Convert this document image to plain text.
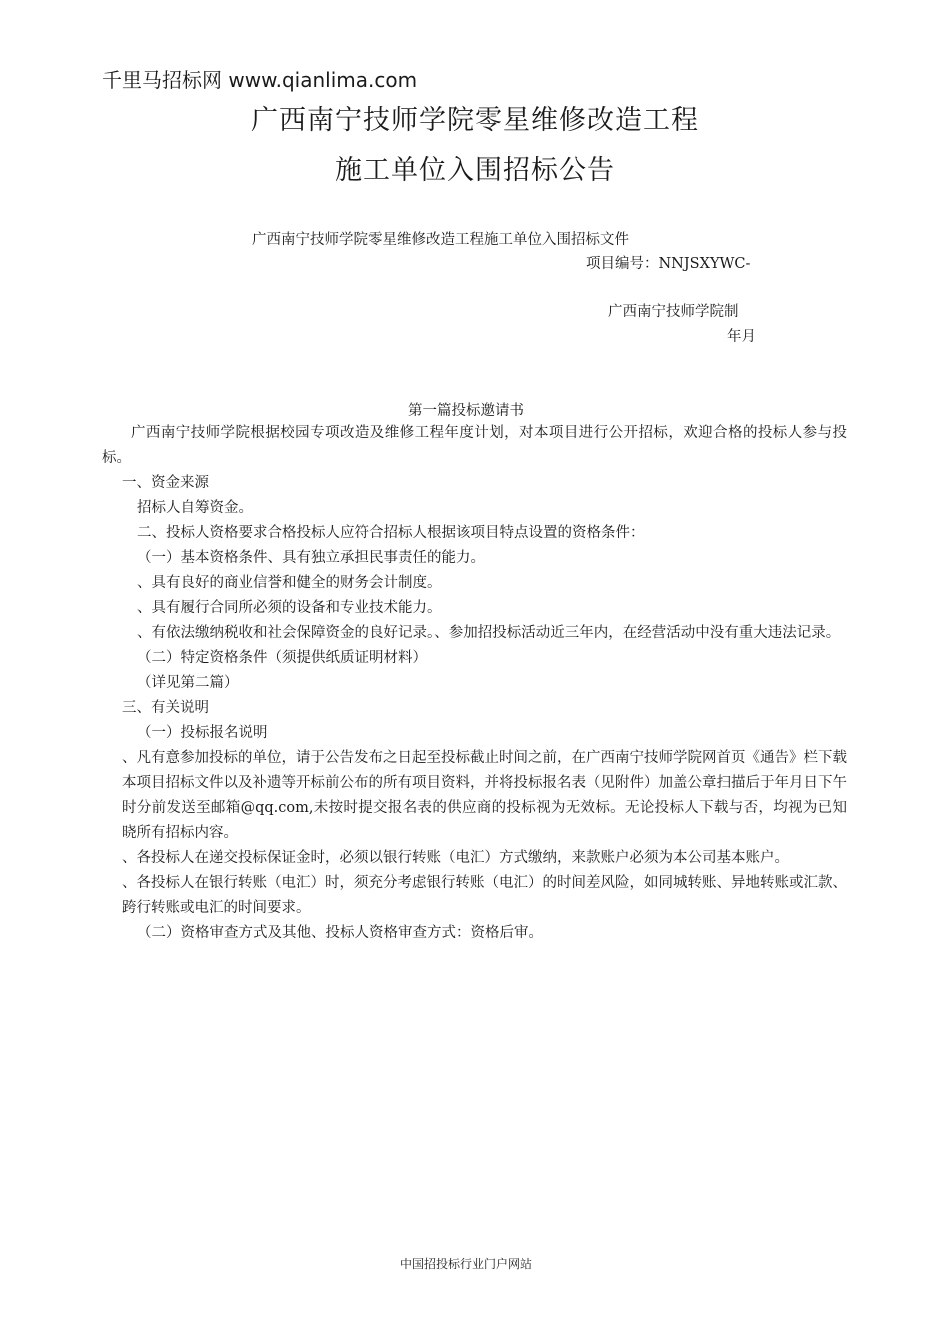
千里马招标网 www.qianlima.com
广西南宁技师学院零星维修改造工程
施工单位入围招标公告
广西南宁技师学院零星维修改造工程施工单位入围招标文件
项目编号：NNJSXYWC-
广西南宁技师学院制
年月
第一篇投标邀请书

广西南宁技师学院根据校园专项改造及维修工程年度计划，对本项目进行公开招标，欢迎合格的投标人参与投标。

一、资金来源

招标人自筹资金。

二、投标人资格要求合格投标人应符合招标人根据该项目特点设置的资格条件：

（一）基本资格条件、具有独立承担民事责任的能力。

、具有良好的商业信誉和健全的财务会计制度。

、具有履行合同所必须的设备和专业技术能力。

、有依法缴纳税收和社会保障资金的良好记录。、参加招投标活动近三年内，在经营活动中没有重大违法记录。

（二）特定资格条件（须提供纸质证明材料）

（详见第二篇）

三、有关说明

（一）投标报名说明

、凡有意参加投标的单位，请于公告发布之日起至投标截止时间之前，在广西南宁技师学院网首页《通告》栏下载本项目招标文件以及补遗等开标前公布的所有项目资料，并将投标报名表（见附件）加盖公章扫描后于年月日下午时分前发送至邮箱@qq.com,未按时提交报名表的供应商的投标视为无效标。无论投标人下载与否，均视为已知晓所有招标内容。

、各投标人在递交投标保证金时，必须以银行转账（电汇）方式缴纳，来款账户必须为本公司基本账户。

、各投标人在银行转账（电汇）时，须充分考虑银行转账（电汇）的时间差风险，如同城转账、异地转账或汇款、跨行转账或电汇的时间要求。

（二）资格审查方式及其他、投标人资格审查方式：资格后审。

中国招投标行业门户网站
